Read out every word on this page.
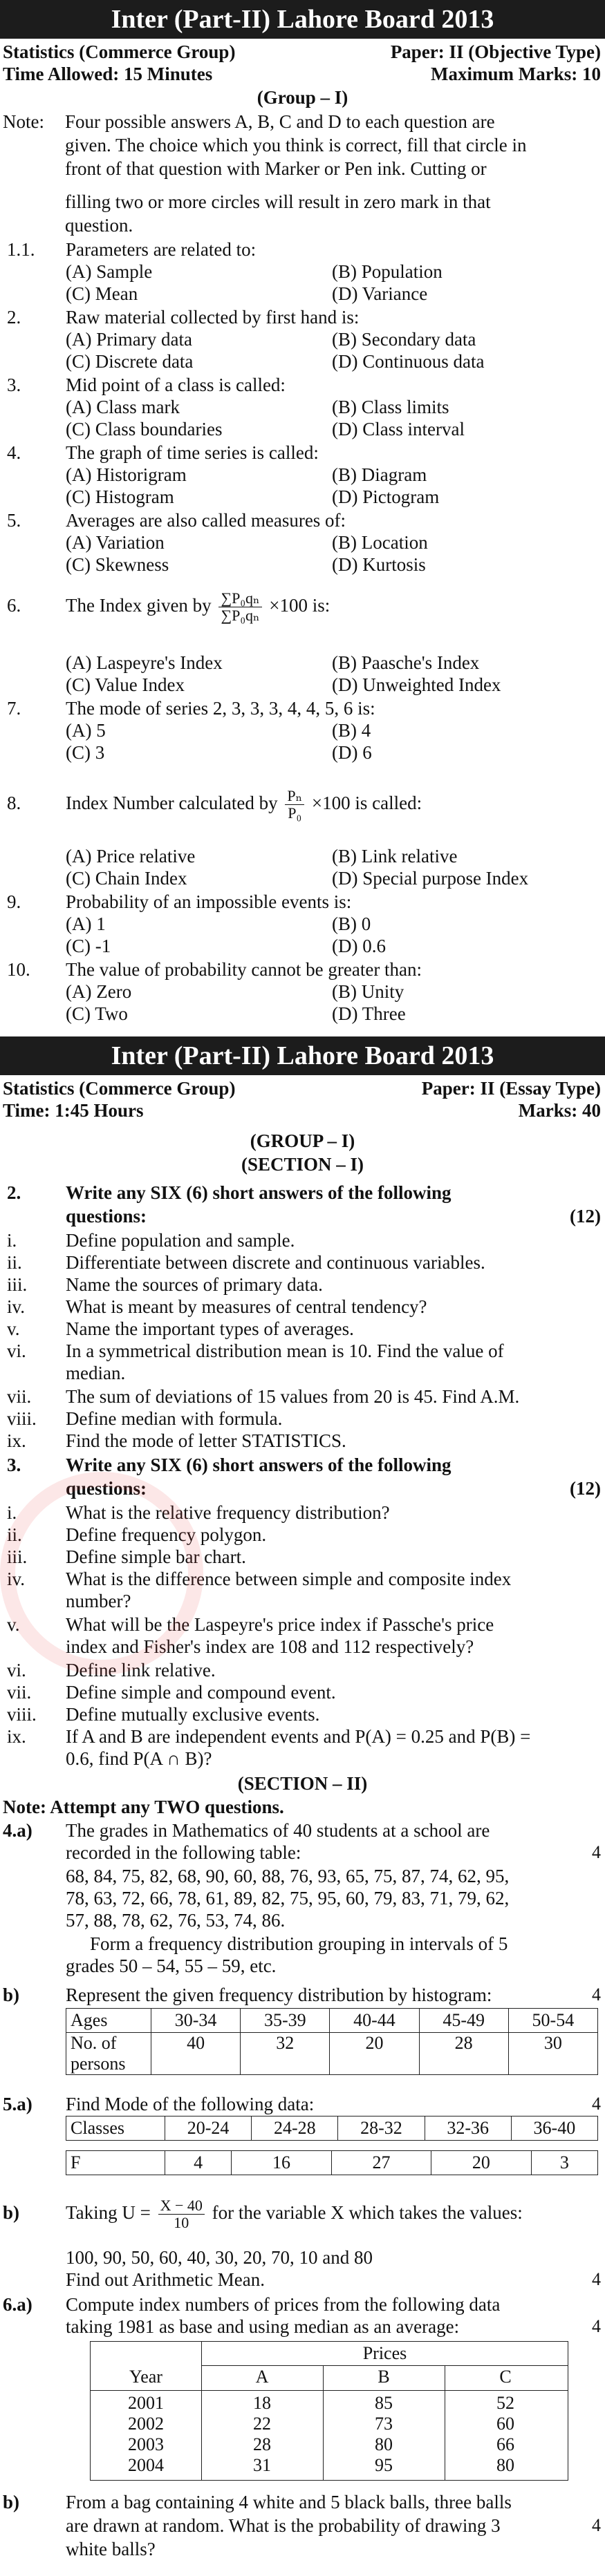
Inter (Part-II) Lahore Board 2013
Statistics (Commerce Group)	Paper: II (Objective Type)
Time Allowed: 15 Minutes	Maximum Marks: 10
(Group – I)
Note: Four possible answers A, B, C and D to each question are
given. The choice which you think is correct, fill that circle in
front of that question with Marker or Pen ink. Cutting or
filling two or more circles will result in zero mark in that
question.
1.1. Parameters are related to:
(A) Sample	(B) Population
(C) Mean	(D) Variance
2. Raw material collected by first hand is:
(A) Primary data	(B) Secondary data
(C) Discrete data	(D) Continuous data
3. Mid point of a class is called:
(A) Class mark	(B) Class limits
(C) Class boundaries	(D) Class interval
4. The graph of time series is called:
(A) Historigram	(B) Diagram
(C) Histogram	(D) Pictogram
5. Averages are also called measures of:
(A) Variation	(B) Location
(C) Skewness	(D) Kurtosis
6. The Index given by $\frac{\text{∑P₀qₙ}}{\text{∑P₀qₙ}} \times 100$ is:
(A) Laspeyre's Index	(B) Paasche's Index
(C) Value Index	(D) Unweighted Index
7. The mode of series 2, 3, 3, 3, 4, 4, 5, 6 is:
(A) 5	(B) 4
(C) 3	(D) 6
8. Index Number calculated by $\frac{\text{Pₙ}}{\text{P₀}} \times 100$ is called:
(A) Price relative	(B) Link relative
(C) Chain Index	(D) Special purpose Index
9. Probability of an impossible events is:
(A) 1	(B) 0
(C) -1	(D) 0.6
10. The value of probability cannot be greater than:
(A) Zero	(B) Unity
(C) Two	(D) Three
Inter (Part-II) Lahore Board 2013
Statistics (Commerce Group)	Paper: II (Essay Type)
Time: 1:45 Hours	Marks: 40
(GROUP – I)
(SECTION – I)
2. Write any SIX (6) short answers of the following
questions:	(12)
i.	Define population and sample.
ii. Differentiate between discrete and continuous variables.
iii. Name the sources of primary data.
iv. What is meant by measures of central tendency?
v. Name the important types of averages.
vi. In a symmetrical distribution mean is 10. Find the value of
median.
vii. The sum of deviations of 15 values from 20 is 45. Find A.M.
viii. Define median with formula.
ix. Find the mode of letter STATISTICS.
3. Write any SIX (6) short answers of the following
questions:	(12)
i.	What is the relative frequency distribution?
ii. Define frequency polygon.
iii. Define simple bar chart.
iv. What is the difference between simple and composite index
number?
v. What will be the Laspeyre's price index if Passche's price
index and Fisher's index are 108 and 112 respectively?
vi. Define link relative.
vii. Define simple and compound event.
viii. Define mutually exclusive events.
ix. If A and B are independent events and P(A) = 0.25 and P(B) =
0.6, find P(A ∩ B)?
(SECTION – II)
Note: Attempt any TWO questions.
4.a) The grades in Mathematics of 40 students at a school are
recorded in the following table:	4
68, 84, 75, 82, 68, 90, 60, 88, 76, 93, 65, 75, 87, 74, 62, 95,
78, 63, 72, 66, 78, 61, 89, 82, 75, 95, 60, 79, 83, 71, 79, 62,
57, 88, 78, 62, 76, 53, 74, 86.
Form a frequency distribution grouping in intervals of 5
grades 50 – 54, 55 – 59, etc.
b) Represent the given frequency distribution by histogram:	4
Ages	30-34	35-39	40-44	45-49	50-54
No. of
persons	40	32	20	28	30
5.a) Find Mode of the following data:	4
Classes	20-24	24-28	28-32	32-36	36-40
F	4	16	27	20	3
b) Taking $U = \frac{X - 40}{10}$ for the variable X which takes the values:
100, 90, 50, 60, 40, 30, 20, 70, 10 and 80
Find out Arithmetic Mean.	4
6.a) Compute index numbers of prices from the following data
taking 1981 as base and using median as an average:	4
Prices
Year	A	B	C
2001	18	85	52
2002	22	73	60
2003	28	80	66
2004	31	95	80
b) From a bag containing 4 white and 5 black balls, three balls
are drawn at random. What is the probability of drawing 3	4
white balls?
